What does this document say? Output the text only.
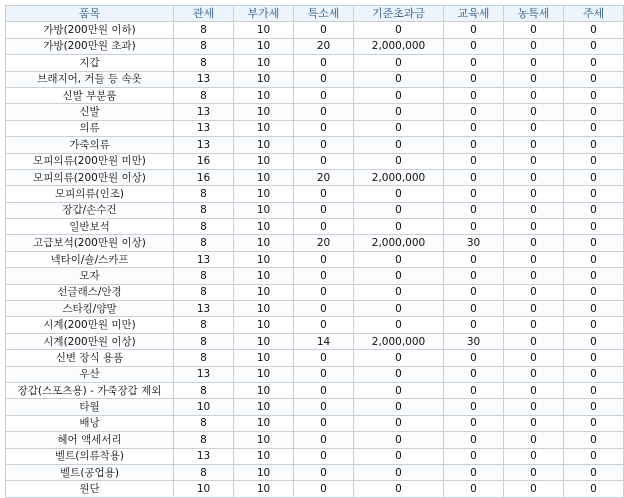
품목	관세	부가세	특소세	기준초과금	교육세	농특세	주세
가방(200만원 이하)	8	10	0	0	0	0	0
가방(200만원 초과)	8	10	20	2,000,000	0	0	0
지갑	8	10	0	0	0	0	0
브래지어, 거들 등 속옷	13	10	0	0	0	0	0
신발 부분품	8	10	0	0	0	0	0
신발	13	10	0	0	0	0	0
의류	13	10	0	0	0	0	0
가죽의류	13	10	0	0	0	0	0
모피의류(200만원 미만)	16	10	0	0	0	0	0
모피의류(200만원 이상)	16	10	20	2,000,000	0	0	0
모피의류(인조)	8	10	0	0	0	0	0
장갑/손수건	8	10	0	0	0	0	0
일반보석	8	10	0	0	0	0	0
고급보석(200만원 이상)	8	10	20	2,000,000	30	0	0
넥타이/숄/스카프	13	10	0	0	0	0	0
모자	8	10	0	0	0	0	0
선글래스/안경	8	10	0	0	0	0	0
스타킹/양말	13	10	0	0	0	0	0
시계(200만원 미만)	8	10	0	0	0	0	0
시계(200만원 이상)	8	10	14	2,000,000	30	0	0
신변 장식 용품	8	10	0	0	0	0	0
우산	13	10	0	0	0	0	0
장갑(스포츠용) - 가죽장갑 제외	8	10	0	0	0	0	0
타월	10	10	0	0	0	0	0
배낭	8	10	0	0	0	0	0
헤어 액세서리	8	10	0	0	0	0	0
벨트(의류착용)	13	10	0	0	0	0	0
벨트(공업용)	8	10	0	0	0	0	0
원단	10	10	0	0	0	0	0
